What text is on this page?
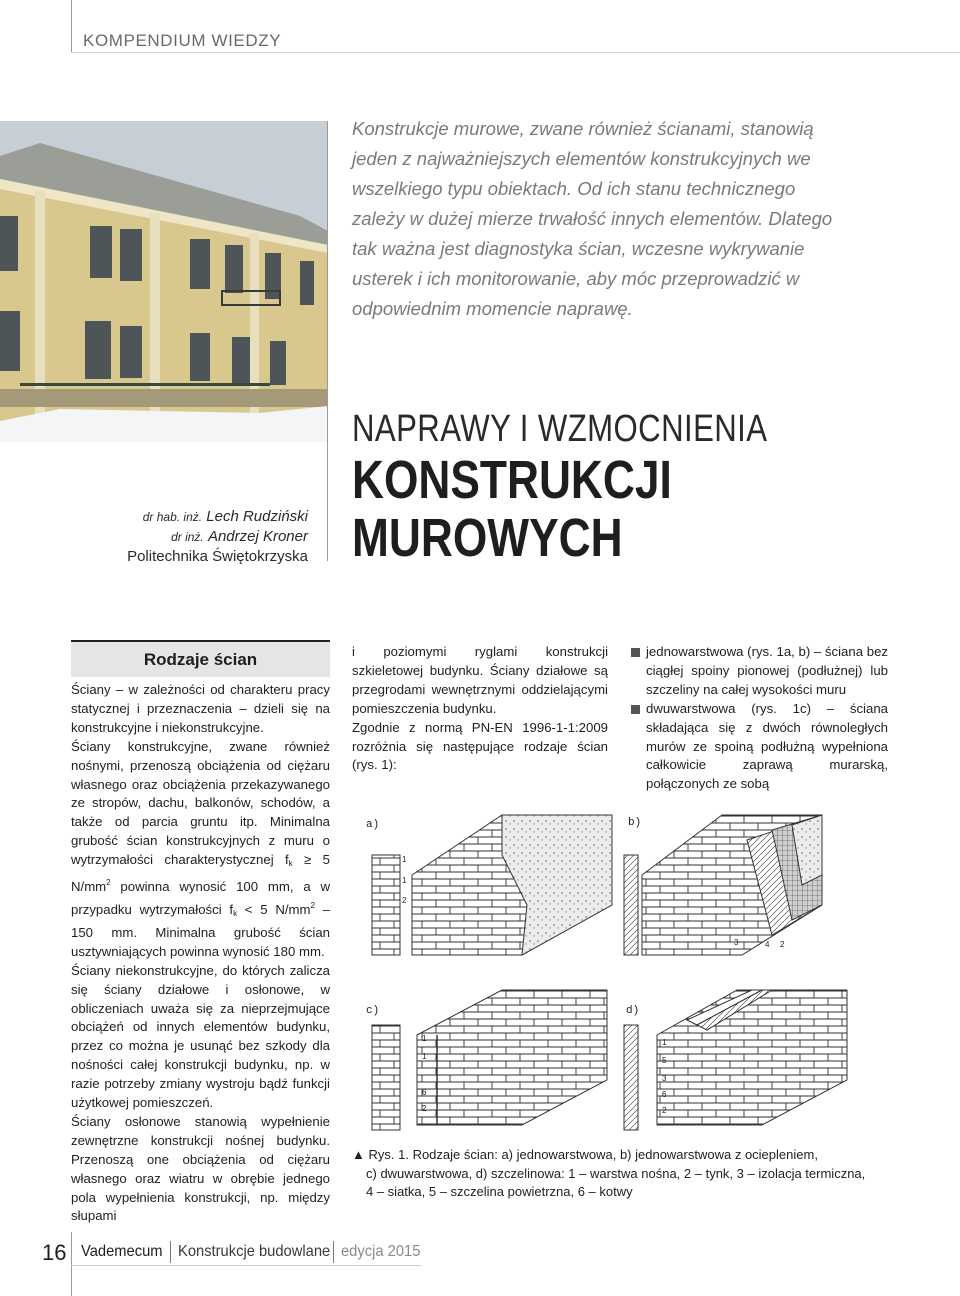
KOMPENDIUM WIEDZY
dr hab. inż. Lech Rudziński
dr inż. Andrzej Kroner
Politechnika Świętokrzyska
Konstrukcje murowe, zwane również ścianami, stanowią jeden z najważniejszych elementów konstrukcyjnych we wszelkiego typu obiektach. Od ich stanu technicznego zależy w dużej mierze trwałość innych elementów. Dlatego tak ważna jest diagnostyka ścian, wczesne wykrywanie usterek i ich monitorowanie, aby móc przeprowadzić w odpowiednim momencie naprawę.
NAPRAWY I WZMOCNIENIA
KONSTRUKCJI
MUROWYCH
Rodzaje ścian

Ściany – w zależności od charakteru pracy statycznej i przeznaczenia – dzieli się na konstrukcyjne i niekonstrukcyjne.

Ściany konstrukcyjne, zwane również nośnymi, przenoszą obciążenia od ciężaru własnego oraz obciążenia przekazywanego ze stropów, dachu, balkonów, schodów, a także od parcia gruntu itp. Minimalna grubość ścian konstrukcyjnych z muru o wytrzymałości charakterystycznej $f_k \ge 5$ $N/mm^2$ powinna wynosić 100 mm, a w przypadku wytrzymałości $f_k < 5$ $N/mm^2 - 150$ mm. Minimalna grubość ścian usztywniających powinna wynosić 180 mm.

Ściany niekonstrukcyjne, do których zalicza się ściany działowe i osłonowe, w obliczeniach uważa się za nieprzejmujące obciążeń od innych elementów budynku, przez co można je usunąć bez szkody dla nośności całej konstrukcji budynku, np. w razie potrzeby zmiany wystroju bądź funkcji użytkowej pomieszczeń.

Ściany osłonowe stanowią wypełnienie zewnętrzne konstrukcji nośnej budynku. Przenoszą one obciążenia od ciężaru własnego oraz wiatru w obrębie jednego pola wypełnienia konstrukcji, np. między słupami

i poziomymi ryglami konstrukcji szkieletowej budynku. Ściany działowe są przegrodami wewnętrznymi oddzielającymi pomieszczenia budynku.

Zgodnie z normą PN-EN 1996-1-1:2009 rozróżnia się następujące rodzaje ścian (rys. 1):

jednowarstwowa (rys. 1a, b) – ściana bez ciągłej spoiny pionowej (podłużnej) lub szczeliny na całej wysokości muru

dwuwarstwowa (rys. 1c) – ściana składająca się z dwóch równoległych murów ze spoiną podłużną wypełniona całkowicie zaprawą murarską, połączonych ze sobą

a)
1
1
2
b)
3	4 2
c)
1
1
6
2
d)
1
5
3
6
2
▲ Rys. 1. Rodzaje ścian: a) jednowarstwowa, b) jednowarstwowa z ociepleniem,
c) dwuwarstwowa, d) szczelinowa: 1 – warstwa nośna, 2 – tynk, 3 – izolacja termiczna,
4 – siatka, 5 – szczelina powietrzna, 6 – kotwy
16 Vademecum Konstrukcje budowlane edycja 2015
